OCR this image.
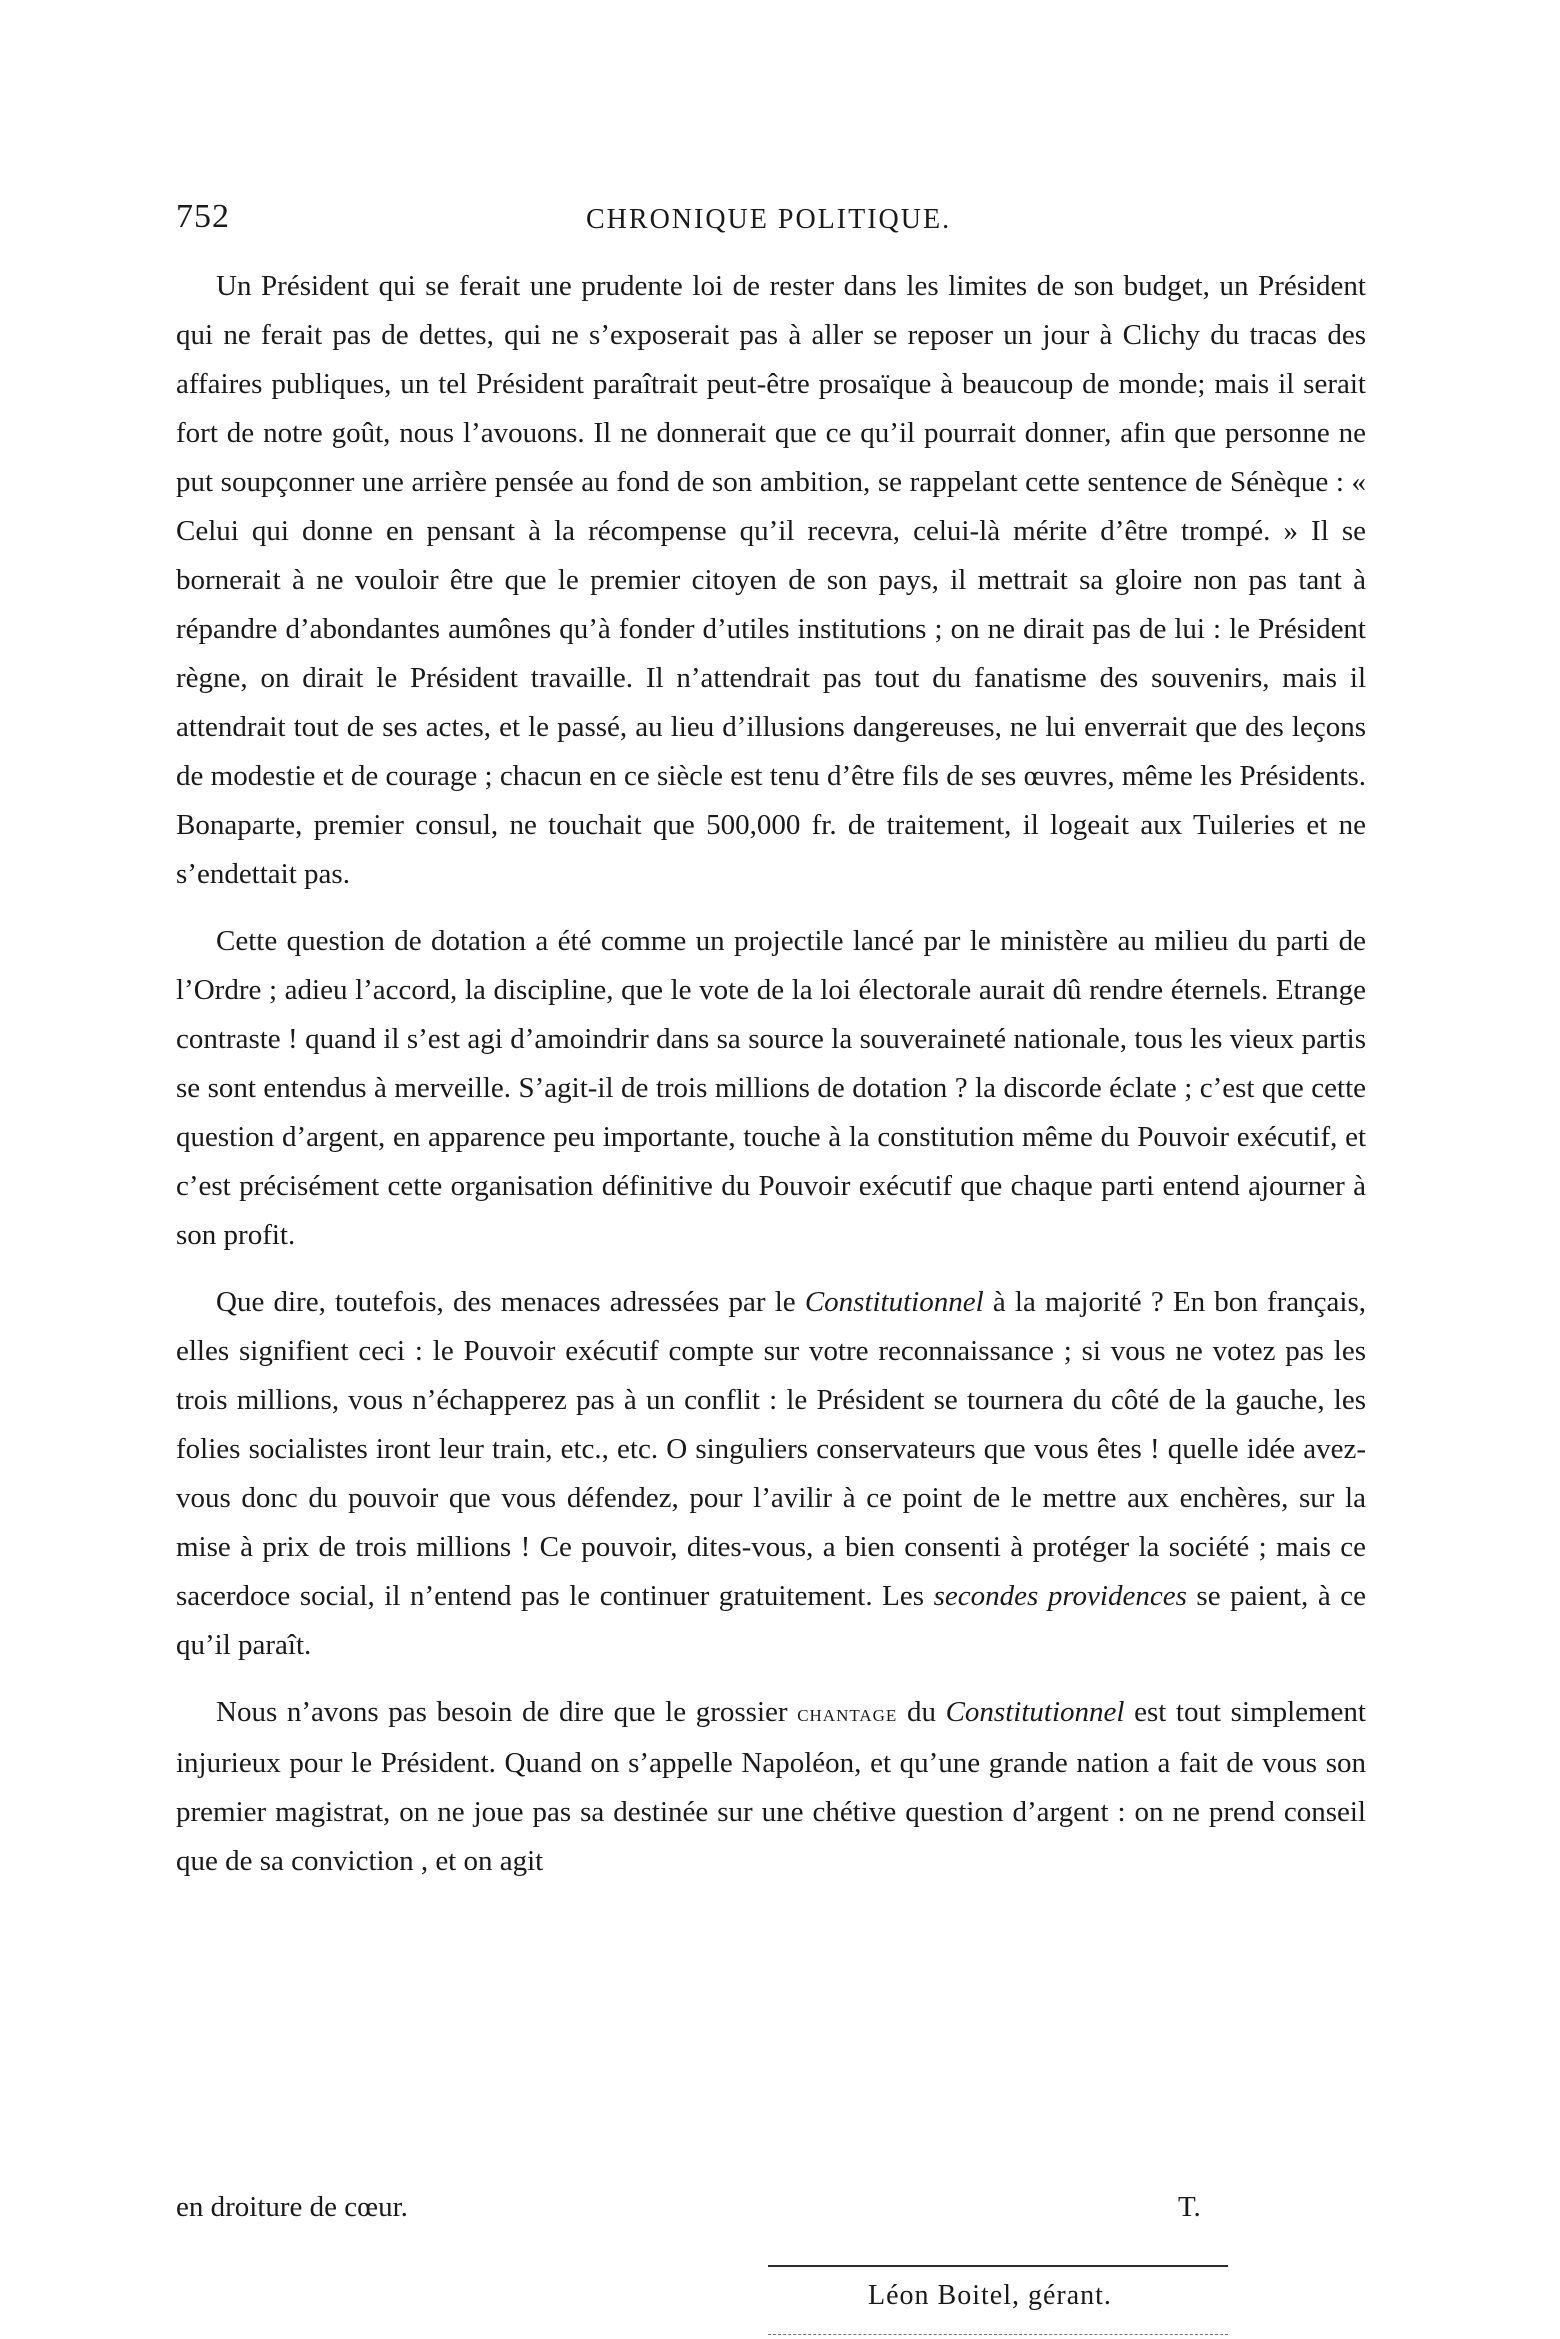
752	CHRONIQUE POLITIQUE.

Un Président qui se ferait une prudente loi de rester dans les limites de son budget, un Président qui ne ferait pas de dettes, qui ne s’exposerait pas à aller se reposer un jour à Clichy du tracas des affaires publiques, un tel Président paraîtrait peut-être prosaïque à beaucoup de monde; mais il serait fort de notre goût, nous l’avouons. Il ne donnerait que ce qu’il pourrait donner, afin que personne ne put soupçonner une arrière pensée au fond de son ambition, se rappelant cette sentence de Sénèque : « Celui qui donne en pensant à la récompense qu’il recevra, celui-là mérite d’être trompé. » Il se bornerait à ne vouloir être que le premier citoyen de son pays, il mettrait sa gloire non pas tant à répandre d’abondantes aumônes qu’à fonder d’utiles institutions ; on ne dirait pas de lui : le Président règne, on dirait le Président travaille. Il n’attendrait pas tout du fanatisme des souvenirs, mais il attendrait tout de ses actes, et le passé, au lieu d’illusions dangereuses, ne lui enverrait que des leçons de modestie et de courage ; chacun en ce siècle est tenu d’être fils de ses œuvres, même les Présidents. Bonaparte, premier consul, ne touchait que 500,000 fr. de traitement, il logeait aux Tuileries et ne s’endettait pas.

Cette question de dotation a été comme un projectile lancé par le ministère au milieu du parti de l’Ordre ; adieu l’accord, la discipline, que le vote de la loi électorale aurait dû rendre éternels. Etrange contraste ! quand il s’est agi d’amoindrir dans sa source la souveraineté nationale, tous les vieux partis se sont entendus à merveille. S’agit-il de trois millions de dotation ? la discorde éclate ; c’est que cette question d’argent, en apparence peu importante, touche à la constitution même du Pouvoir exécutif, et c’est précisément cette organisation définitive du Pouvoir exécutif que chaque parti entend ajourner à son profit.

Que dire, toutefois, des menaces adressées par le Constitutionnel à la majorité ? En bon français, elles signifient ceci : le Pouvoir exécutif compte sur votre reconnaissance ; si vous ne votez pas les trois millions, vous n’échapperez pas à un conflit : le Président se tournera du côté de la gauche, les folies socialistes iront leur train, etc., etc. O singuliers conservateurs que vous êtes ! quelle idée avez-vous donc du pouvoir que vous défendez, pour l’avilir à ce point de le mettre aux enchères, sur la mise à prix de trois millions ! Ce pouvoir, dites-vous, a bien consenti à protéger la société ; mais ce sacerdoce social, il n’entend pas le continuer gratuitement. Les secondes providences se paient, à ce qu’il paraît.

Nous n’avons pas besoin de dire que le grossier chantage du Constitutionnel est tout simplement injurieux pour le Président. Quand on s’appelle Napoléon, et qu’une grande nation a fait de vous son premier magistrat, on ne joue pas sa destinée sur une chétive question d’argent : on ne prend conseil que de sa conviction , et on agit

en droiture de cœur.	T.
Léon Boitel, gérant.
